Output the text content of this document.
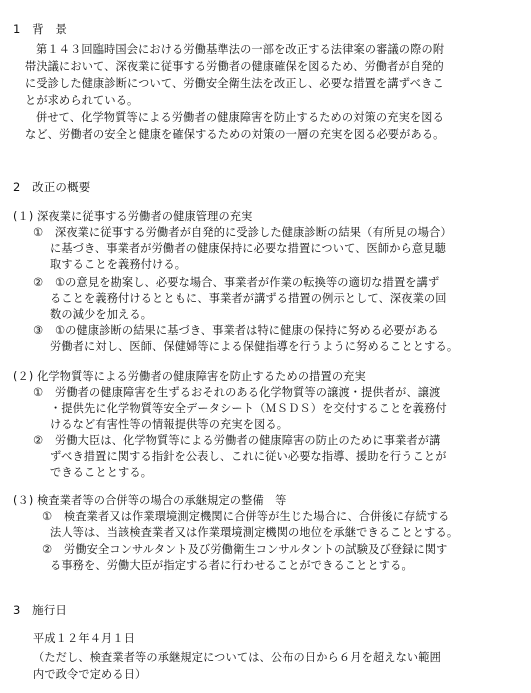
1　背　景
第１４３回臨時国会における労働基準法の一部を改正する法律案の審議の際の附
帯決議において、深夜業に従事する労働者の健康確保を図るため、労働者が自発的
に受診した健康診断について、労働安全衛生法を改正し、必要な措置を講ずべきこ
とが求められている。
併せて、化学物質等による労働者の健康障害を防止するための対策の充実を図る
など、労働者の安全と健康を確保するための対策の一層の充実を図る必要がある。
2　改正の概要
(１) 深夜業に従事する労働者の健康管理の充実
① 深夜業に従事する労働者が自発的に受診した健康診断の結果（有所見の場合）
に基づき、事業者が労働者の健康保持に必要な措置について、医師から意見聴
取することを義務付ける。
② ①の意見を勘案し、必要な場合、事業者が作業の転換等の適切な措置を講ず
ることを義務付けるとともに、事業者が講ずる措置の例示として、深夜業の回
数の減少を加える。
③ ①の健康診断の結果に基づき、事業者は特に健康の保持に努める必要がある
労働者に対し、医師、保健婦等による保健指導を行うように努めることとする。
(２) 化学物質等による労働者の健康障害を防止するための措置の充実
① 労働者の健康障害を生ずるおそれのある化学物質等の譲渡・提供者が、譲渡
・提供先に化学物質等安全データシート（ＭＳＤＳ）を交付することを義務付
けるなど有害性等の情報提供等の充実を図る。
② 労働大臣は、化学物質等による労働者の健康障害の防止のために事業者が講
ずべき措置に関する指針を公表し、これに従い必要な指導、援助を行うことが
できることとする。
(３) 検査業者等の合併等の場合の承継規定の整備　等
① 検査業者又は作業環境測定機関に合併等が生じた場合に、合併後に存続する
法人等は、当該検査業者又は作業環境測定機関の地位を承継できることとする。
② 労働安全コンサルタント及び労働衛生コンサルタントの試験及び登録に関す
る事務を、労働大臣が指定する者に行わせることができることとする。
3　施行日
平成１２年４月１日
（ただし、検査業者等の承継規定については、公布の日から６月を超えない範囲
内で政令で定める日）
